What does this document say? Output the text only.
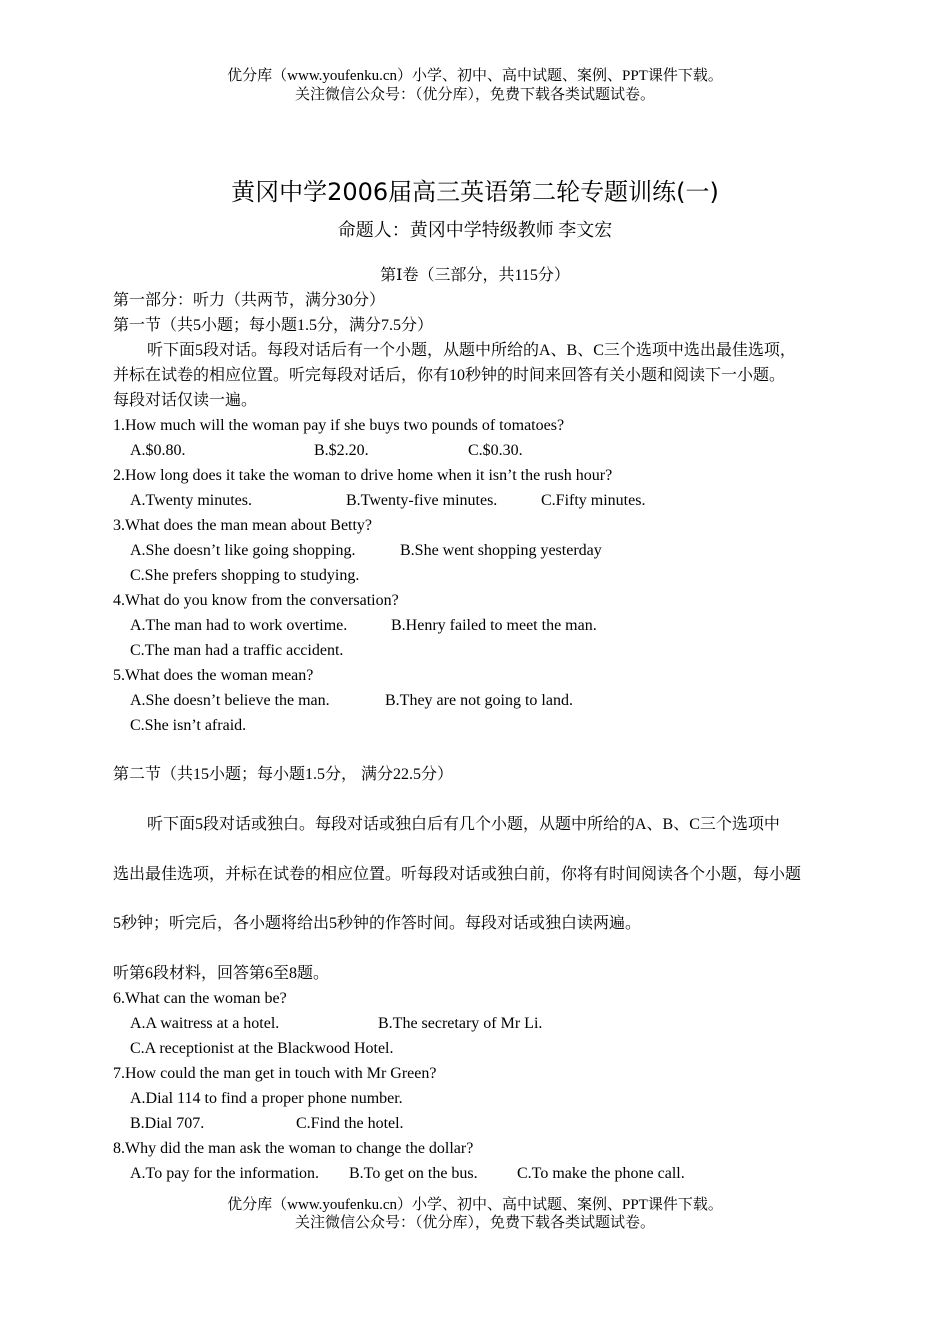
优分库（www.youfenku.cn）小学、初中、高中试题、案例、PPT课件下载。
关注微信公众号：（优分库），免费下载各类试题试卷。
黄冈中学2006届高三英语第二轮专题训练(一)
命题人：黄冈中学特级教师 李文宏
第Ⅰ卷（三部分，共115分）
第一部分：听力（共两节，满分30分）
第一节（共5小题；每小题1.5分，满分7.5分）
听下面5段对话。每段对话后有一个小题，从题中所给的A、B、C三个选项中选出最佳选项，
并标在试卷的相应位置。听完每段对话后，你有10秒钟的时间来回答有关小题和阅读下一小题。
每段对话仅读一遍。
1.How much will the woman pay if she buys two pounds of tomatoes?
A.$0.80.	B.$2.20.	C.$0.30.
2.How long does it take the woman to drive home when it isn’t the rush hour?
A.Twenty minutes.	B.Twenty-five minutes.	C.Fifty minutes.
3.What does the man mean about Betty?
A.She doesn’t like going shopping.	B.She went shopping yesterday
C.She prefers shopping to studying.
4.What do you know from the conversation?
A.The man had to work overtime.	B.Henry failed to meet the man.
C.The man had a traffic accident.
5.What does the woman mean?
A.She doesn’t believe the man.	B.They are not going to land.
C.She isn’t afraid.
第二节（共15小题；每小题1.5分， 满分22.5分）
听下面5段对话或独白。每段对话或独白后有几个小题，从题中所给的A、B、C三个选项中
选出最佳选项，并标在试卷的相应位置。听每段对话或独白前，你将有时间阅读各个小题，每小题
5秒钟；听完后，各小题将给出5秒钟的作答时间。每段对话或独白读两遍。
听第6段材料，回答第6至8题。
6.What can the woman be?
A.A waitress at a hotel.	B.The secretary of Mr Li.
C.A receptionist at the Blackwood Hotel.
7.How could the man get in touch with Mr Green?
A.Dial 114 to find a proper phone number.
B.Dial 707.	C.Find the hotel.
8.Why did the man ask the woman to change the dollar?
A.To pay for the information. B.To get on the bus. C.To make the phone call.
优分库（www.youfenku.cn）小学、初中、高中试题、案例、PPT课件下载。
关注微信公众号：（优分库），免费下载各类试题试卷。
